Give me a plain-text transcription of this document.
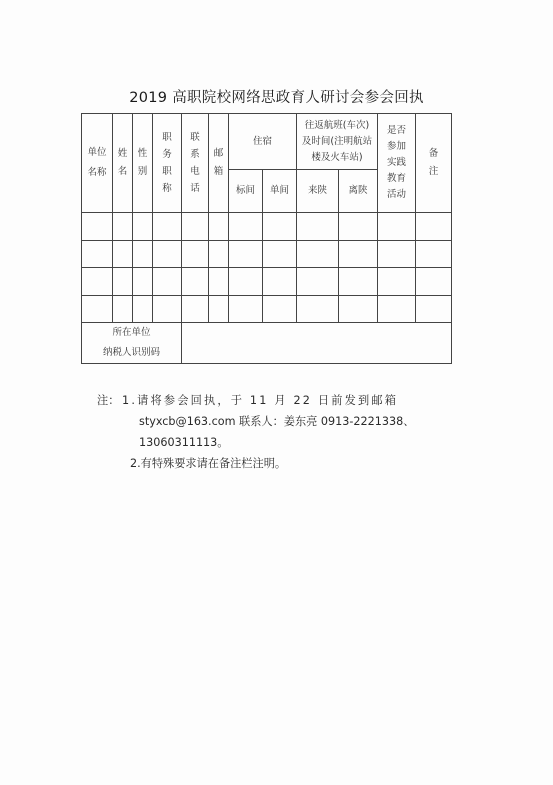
2019 高职院校网络思政育人研讨会参会回执
单位名称	姓名	性别	职务职称	联系电话	邮箱	住宿		往返航班(车次)及时间(注明航站楼及火车站)		是否参加实践教育活动	备注
						标间	单间	来陕	离陕		

所在单位
纳税人识别码											
注： 1.请将参会回执，于 11 月 22 日前发到邮箱
styxcb@163.com 联系人：姜东亮 0913-2221338、
13060311113。
2.有特殊要求请在备注栏注明。
